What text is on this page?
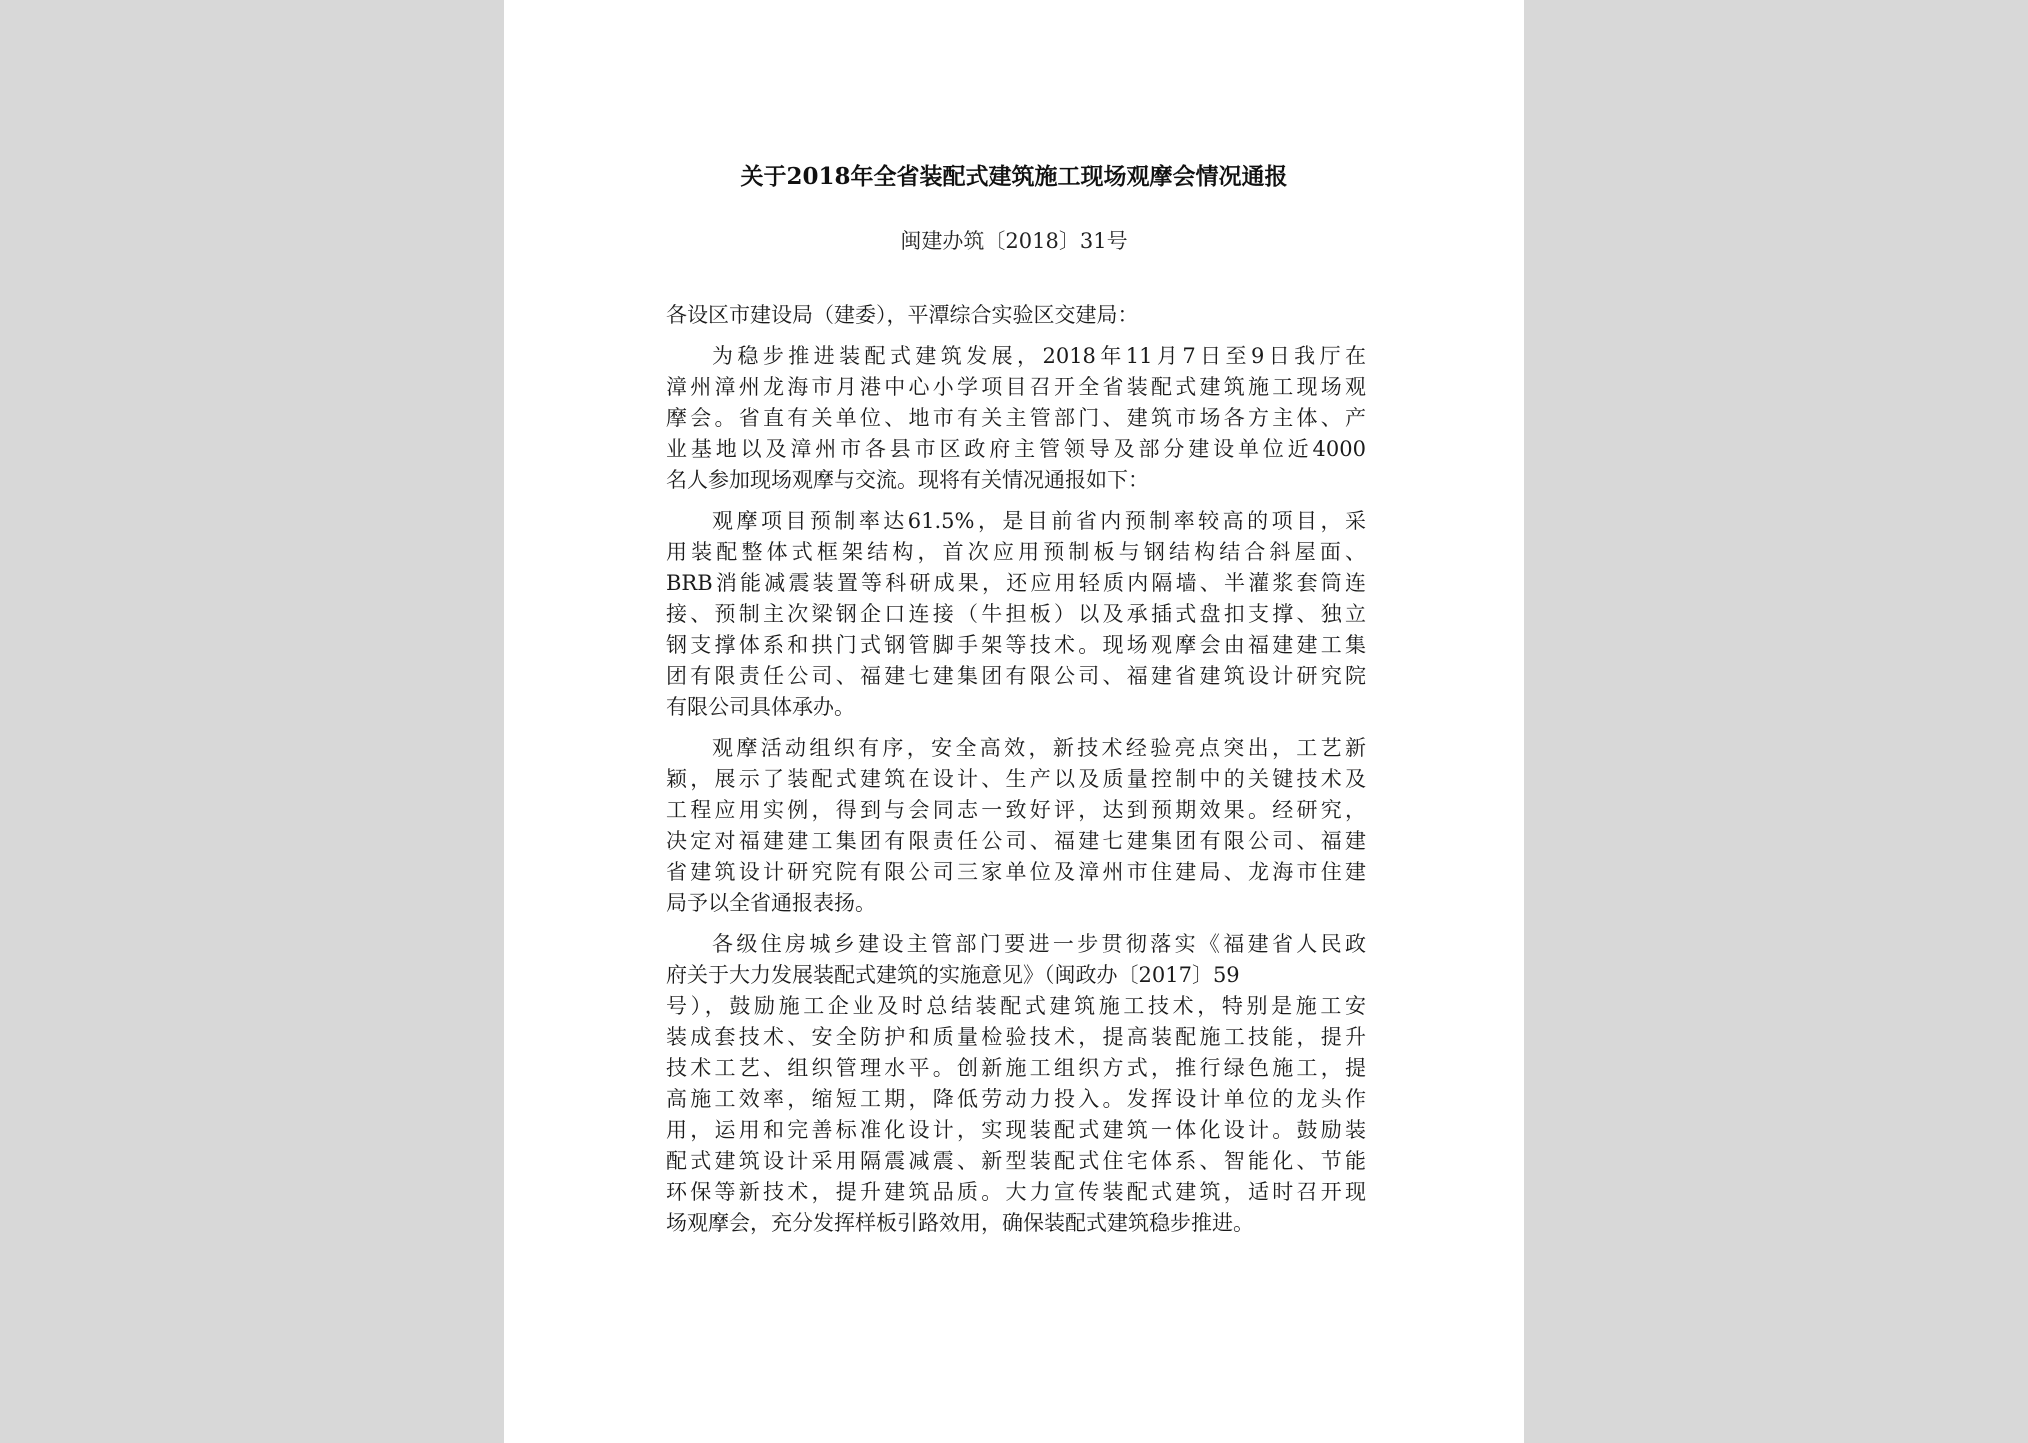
关于2018年全省装配式建筑施工现场观摩会情况通报
闽建办筑〔2018〕31号
各设区市建设局（建委），平潭综合实验区交建局：
为稳步推进装配式建筑发展，2018年11月7日至9日我厅在
漳州漳州龙海市月港中心小学项目召开全省装配式建筑施工现场观
摩会。省直有关单位、地市有关主管部门、建筑市场各方主体、产
业基地以及漳州市各县市区政府主管领导及部分建设单位近4000
名人参加现场观摩与交流。现将有关情况通报如下：
观摩项目预制率达61.5%，是目前省内预制率较高的项目，采
用装配整体式框架结构，首次应用预制板与钢结构结合斜屋面、
BRB消能减震装置等科研成果，还应用轻质内隔墙、半灌浆套筒连
接、预制主次梁钢企口连接（牛担板）以及承插式盘扣支撑、独立
钢支撑体系和拱门式钢管脚手架等技术。现场观摩会由福建建工集
团有限责任公司、福建七建集团有限公司、福建省建筑设计研究院
有限公司具体承办。
观摩活动组织有序，安全高效，新技术经验亮点突出，工艺新
颖，展示了装配式建筑在设计、生产以及质量控制中的关键技术及
工程应用实例，得到与会同志一致好评，达到预期效果。经研究，
决定对福建建工集团有限责任公司、福建七建集团有限公司、福建
省建筑设计研究院有限公司三家单位及漳州市住建局、龙海市住建
局予以全省通报表扬。
各级住房城乡建设主管部门要进一步贯彻落实《福建省人民政
府关于大力发展装配式建筑的实施意见》（闽政办〔2017〕59
号），鼓励施工企业及时总结装配式建筑施工技术，特别是施工安
装成套技术、安全防护和质量检验技术，提高装配施工技能，提升
技术工艺、组织管理水平。创新施工组织方式，推行绿色施工，提
高施工效率，缩短工期，降低劳动力投入。发挥设计单位的龙头作
用，运用和完善标准化设计，实现装配式建筑一体化设计。鼓励装
配式建筑设计采用隔震减震、新型装配式住宅体系、智能化、节能
环保等新技术，提升建筑品质。大力宣传装配式建筑，适时召开现
场观摩会，充分发挥样板引路效用，确保装配式建筑稳步推进。
